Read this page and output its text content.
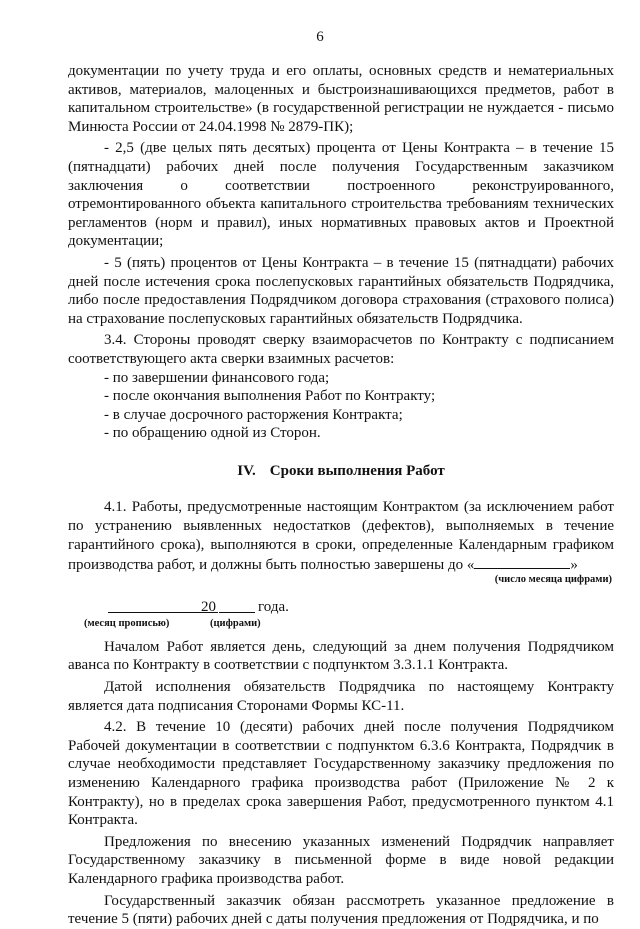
6

документации по учету труда и его оплаты, основных средств и нематериальных активов, материалов, малоценных и быстроизнашивающихся предметов, работ в капитальном строительстве» (в государственной регистрации не нуждается - письмо Минюста России от 24.04.1998 № 2879-ПК);

- 2,5 (две целых пять десятых) процента от Цены Контракта – в течение 15 (пятнадцати) рабочих дней после получения Государственным заказчиком заключения о соответствии построенного реконструированного, отремонтированного объекта капитального строительства требованиям технических регламентов (норм и правил), иных нормативных правовых актов и Проектной документации;

- 5 (пять) процентов от Цены Контракта – в течение 15 (пятнадцати) рабочих дней после истечения срока послепусковых гарантийных обязательств Подрядчика, либо после предоставления Подрядчиком договора страхования (страхового полиса) на страхование послепусковых гарантийных обязательств Подрядчика.

3.4. Стороны проводят сверку взаиморасчетов по Контракту с подписанием соответствующего акта сверки взаимных расчетов:

- по завершении финансового года;

- после окончания выполнения Работ по Контракту;

- в случае досрочного расторжения Контракта;

- по обращению одной из Сторон.

IV. Сроки выполнения Работ

4.1. Работы, предусмотренные настоящим Контрактом (за исключением работ по устранению выявленных недостатков (дефектов), выполняемых в течение гарантийного срока), выполняются в сроки, определенные Календарным графиком производства работ, и должны быть полностью завершены до «	»

(число месяца цифрами)
20	года.
(месяц прописью)	(цифрами)

Началом Работ является день, следующий за днем получения Подрядчиком аванса по Контракту в соответствии с подпунктом 3.3.1.1 Контракта.

Датой исполнения обязательств Подрядчика по настоящему Контракту является дата подписания Сторонами Формы КС-11.

4.2. В течение 10 (десяти) рабочих дней после получения Подрядчиком Рабочей документации в соответствии с подпунктом 6.3.6 Контракта, Подрядчик в случае необходимости представляет Государственному заказчику предложения по изменению Календарного графика производства работ (Приложение № 2 к Контракту), но в пределах срока завершения Работ, предусмотренного пунктом 4.1 Контракта.

Предложения по внесению указанных изменений Подрядчик направляет Государственному заказчику в письменной форме в виде новой редакции Календарного графика производства работ.

Государственный заказчик обязан рассмотреть указанное предложение в течение 5 (пяти) рабочих дней с даты получения предложения от Подрядчика, и по
